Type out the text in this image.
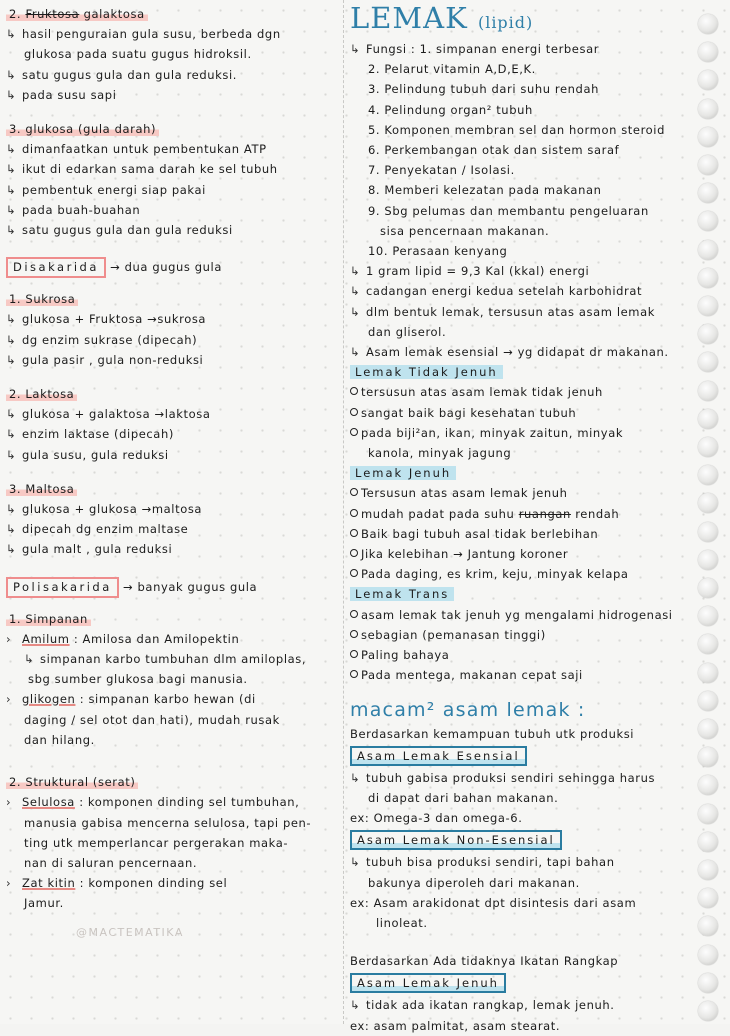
2. Fruktosa galaktosa
↳ hasil penguraian gula susu, berbeda dgn
glukosa pada suatu gugus hidroksil.
↳ satu gugus gula dan gula reduksi.
↳ pada susu sapi
3. glukosa (gula darah)
↳ dimanfaatkan untuk pembentukan ATP
↳ ikut di edarkan sama darah ke sel tubuh
↳ pembentuk energi siap pakai
↳ pada buah-buahan
↳ satu gugus gula dan gula reduksi
Disakarida → dua gugus gula
1. Sukrosa
↳ glukosa + Fruktosa →sukrosa
↳ dg enzim sukrase (dipecah)
↳ gula pasir , gula non-reduksi
2. Laktosa
↳ glukosa + galaktosa →laktosa
↳ enzim laktase (dipecah)
↳ gula susu, gula reduksi
3. Maltosa
↳ glukosa + glukosa →maltosa
↳ dipecah dg enzim maltase
↳ gula malt , gula reduksi
Polisakarida → banyak gugus gula
1. Simpanan
› Amilum : Amilosa dan Amilopektin
↳ simpanan karbo tumbuhan dlm amiloplas,
sbg sumber glukosa bagi manusia.
› glikogen : simpanan karbo hewan (di
daging / sel otot dan hati), mudah rusak
dan hilang.
2. Struktural (serat)
› Selulosa : komponen dinding sel tumbuhan,
manusia gabisa mencerna selulosa, tapi pen-
ting utk memperlancar pergerakan maka-
nan di saluran pencernaan.
› Zat kitin : komponen dinding sel
Jamur.
@MACTEMATIKA
LEMAK (lipid)
↳ Fungsi : 1. simpanan energi terbesar
2. Pelarut vitamin A,D,E,K.
3. Pelindung tubuh dari suhu rendah
4. Pelindung organ² tubuh
5. Komponen membran sel dan hormon steroid
6. Perkembangan otak dan sistem saraf
7. Penyekatan / Isolasi.
8. Memberi kelezatan pada makanan
9. Sbg pelumas dan membantu pengeluaran
sisa pencernaan makanan.
10. Perasaan kenyang
↳ 1 gram lipid = 9,3 Kal (kkal) energi
↳ cadangan energi kedua setelah karbohidrat
↳ dlm bentuk lemak, tersusun atas asam lemak
dan gliserol.
↳ Asam lemak esensial → yg didapat dr makanan.
Lemak Tidak Jenuh
tersusun atas asam lemak tidak jenuh
sangat baik bagi kesehatan tubuh
pada biji²an, ikan, minyak zaitun, minyak
kanola, minyak jagung
Lemak Jenuh
Tersusun atas asam lemak jenuh
mudah padat pada suhu ruangan rendah
Baik bagi tubuh asal tidak berlebihan
Jika kelebihan → Jantung koroner
Pada daging, es krim, keju, minyak kelapa
Lemak Trans
asam lemak tak jenuh yg mengalami hidrogenasi
sebagian (pemanasan tinggi)
Paling bahaya
Pada mentega, makanan cepat saji
macam² asam lemak :
Berdasarkan kemampuan tubuh utk produksi
Asam Lemak Esensial
↳ tubuh gabisa produksi sendiri sehingga harus
di dapat dari bahan makanan.
ex: Omega-3 dan omega-6.
Asam Lemak Non-Esensial
↳ tubuh bisa produksi sendiri, tapi bahan
bakunya diperoleh dari makanan.
ex: Asam arakidonat dpt disintesis dari asam
linoleat.
Berdasarkan Ada tidaknya Ikatan Rangkap
Asam Lemak Jenuh
↳ tidak ada ikatan rangkap, lemak jenuh.
ex: asam palmitat, asam stearat.
